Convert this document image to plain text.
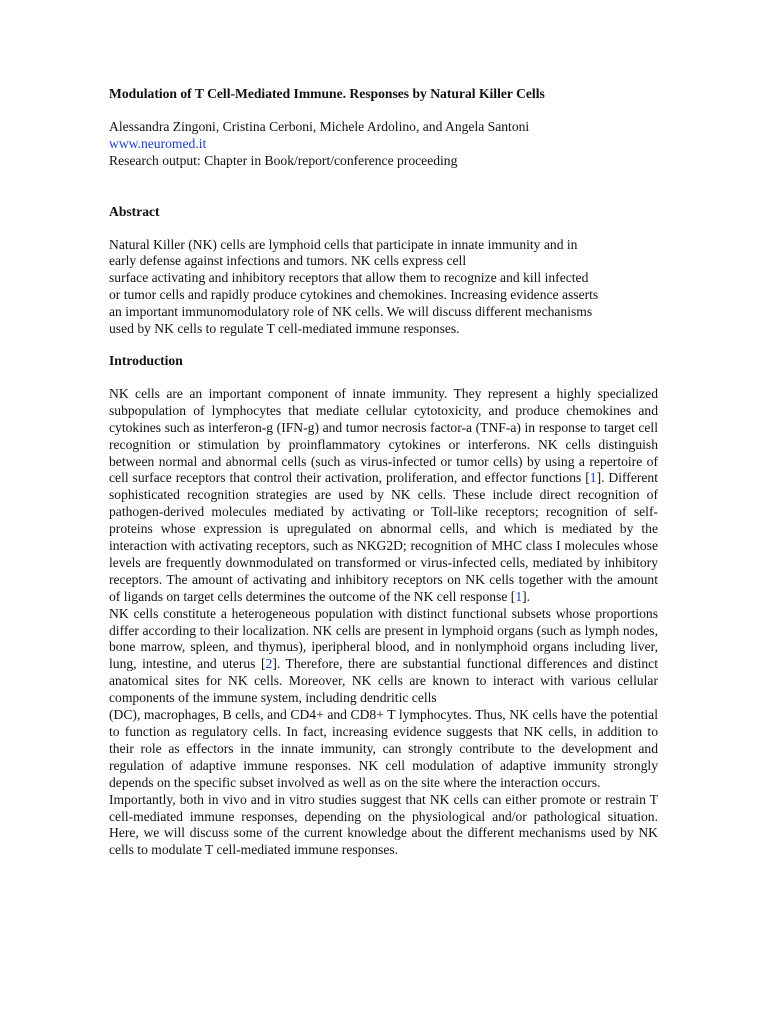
Modulation of T Cell-Mediated Immune. Responses by Natural Killer Cells

Alessandra Zingoni, Cristina Cerboni, Michele Ardolino, and Angela Santoni
www.neuromed.it
Research output: Chapter in Book/report/conference proceeding

Abstract

Natural Killer (NK) cells are lymphoid cells that participate in innate immunity and in
early defense against infections and tumors. NK cells express cell
surface activating and inhibitory receptors that allow them to recognize and kill infected
or tumor cells and rapidly produce cytokines and chemokines. Increasing evidence asserts
an important immunomodulatory role of NK cells. We will discuss different mechanisms
used by NK cells to regulate T cell-mediated immune responses.

Introduction

NK cells are an important component of innate immunity. They represent a highly specialized subpopulation of lymphocytes that mediate cellular cytotoxicity, and produce chemokines and cytokines such as interferon-g (IFN-g) and tumor necrosis factor-a (TNF-a) in response to target cell recognition or stimulation by proinflammatory cytokines or interferons. NK cells distinguish between normal and abnormal cells (such as virus-infected or tumor cells) by using a repertoire of cell surface receptors that control their activation, proliferation, and effector functions [1]. Different sophisticated recognition strategies are used by NK cells. These include direct recognition of pathogen-derived molecules mediated by activating or Toll-like receptors; recognition of self-proteins whose expression is upregulated on abnormal cells, and which is mediated by the interaction with activating receptors, such as NKG2D; recognition of MHC class I molecules whose levels are frequently downmodulated on transformed or virus-infected cells, mediated by inhibitory receptors. The amount of activating and inhibitory receptors on NK cells together with the amount of ligands on target cells determines the outcome of the NK cell response [1].

NK cells constitute a heterogeneous population with distinct functional subsets whose proportions differ according to their localization. NK cells are present in lymphoid organs (such as lymph nodes, bone marrow, spleen, and thymus), iperipheral blood, and in nonlymphoid organs including liver, lung, intestine, and uterus [2]. Therefore, there are substantial functional differences and distinct anatomical sites for NK cells. Moreover, NK cells are known to interact with various cellular components of the immune system, including dendritic cells

(DC), macrophages, B cells, and CD4+ and CD8+ T lymphocytes. Thus, NK cells have the potential to function as regulatory cells. In fact, increasing evidence suggests that NK cells, in addition to their role as effectors in the innate immunity, can strongly contribute to the development and regulation of adaptive immune responses. NK cell modulation of adaptive immunity strongly depends on the specific subset involved as well as on the site where the interaction occurs.

Importantly, both in vivo and in vitro studies suggest that NK cells can either promote or restrain T cell-mediated immune responses, depending on the physiological and/or pathological situation. Here, we will discuss some of the current knowledge about the different mechanisms used by NK cells to modulate T cell-mediated immune responses.
